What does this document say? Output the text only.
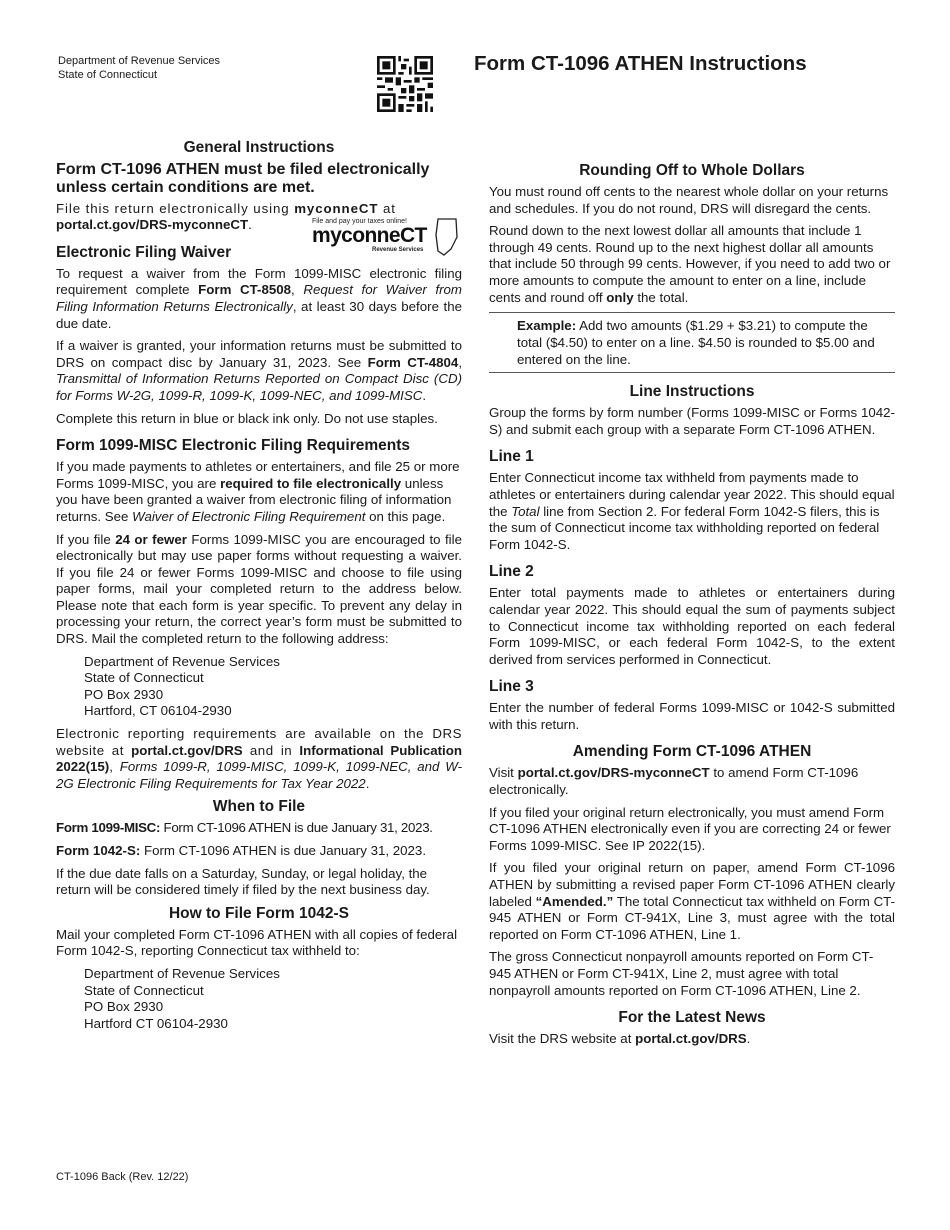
Department of Revenue Services
State of Connecticut	Form CT-1096 ATHEN Instructions
General Instructions
Form CT-1096 ATHEN must be filed electronically unless certain conditions are met.

File this return electronically using myconneCT at
portal.ct.gov/DRS-myconneCT.	File and pay your taxes online!
myconneCT
Revenue Services
Electronic Filing Waiver

To request a waiver from the Form 1099-MISC electronic filing requirement complete Form CT-8508, Request for Waiver from Filing Information Returns Electronically, at least 30 days before the due date.

If a waiver is granted, your information returns must be submitted to DRS on compact disc by January 31, 2023. See Form CT-4804, Transmittal of Information Returns Reported on Compact Disc (CD) for Forms W-2G, 1099-R, 1099-K, 1099-NEC, and 1099-MISC.

Complete this return in blue or black ink only. Do not use staples.

Form 1099-MISC Electronic Filing Requirements

If you made payments to athletes or entertainers, and file 25 or more Forms 1099-MISC, you are required to file electronically unless you have been granted a waiver from electronic filing of information returns. See Waiver of Electronic Filing Requirement on this page.

If you file 24 or fewer Forms 1099-MISC you are encouraged to file electronically but may use paper forms without requesting a waiver. If you file 24 or fewer Forms 1099-MISC and choose to file using paper forms, mail your completed return to the address below. Please note that each form is year specific. To prevent any delay in processing your return, the correct year’s form must be submitted to DRS. Mail the completed return to the following address:

Department of Revenue Services
State of Connecticut
PO Box 2930
Hartford, CT 06104-2930

Electronic reporting requirements are available on the DRS website at portal.ct.gov/DRS and in Informational Publication 2022(15), Forms 1099-R, 1099-MISC, 1099-K, 1099-NEC, and W-2G Electronic Filing Requirements for Tax Year 2022.

When to File

Form 1099-MISC: Form CT-1096 ATHEN is due January 31, 2023.

Form 1042-S: Form CT-1096 ATHEN is due January 31, 2023.

If the due date falls on a Saturday, Sunday, or legal holiday, the return will be considered timely if filed by the next business day.

How to File Form 1042-S

Mail your completed Form CT-1096 ATHEN with all copies of federal Form 1042-S, reporting Connecticut tax withheld to:

Department of Revenue Services
State of Connecticut
PO Box 2930
Hartford CT 06104-2930
Rounding Off to Whole Dollars

You must round off cents to the nearest whole dollar on your returns and schedules. If you do not round, DRS will disregard the cents.

Round down to the next lowest dollar all amounts that include 1 through 49 cents. Round up to the next highest dollar all amounts that include 50 through 99 cents. However, if you need to add two or more amounts to compute the amount to enter on a line, include cents and round off only the total.

Example: Add two amounts ($1.29 + $3.21) to compute the total ($4.50) to enter on a line. $4.50 is rounded to $5.00 and entered on the line.
Line Instructions

Group the forms by form number (Forms 1099-MISC or Forms 1042-S) and submit each group with a separate Form CT-1096 ATHEN.

Line 1

Enter Connecticut income tax withheld from payments made to athletes or entertainers during calendar year 2022. This should equal the Total line from Section 2. For federal Form 1042-S filers, this is the sum of Connecticut income tax withholding reported on federal Form 1042-S.

Line 2

Enter total payments made to athletes or entertainers during calendar year 2022. This should equal the sum of payments subject to Connecticut income tax withholding reported on each federal Form 1099-MISC, or each federal Form 1042-S, to the extent derived from services performed in Connecticut.

Line 3

Enter the number of federal Forms 1099-MISC or 1042-S submitted with this return.

Amending Form CT-1096 ATHEN

Visit portal.ct.gov/DRS-myconneCT to amend Form CT-1096 electronically.

If you filed your original return electronically, you must amend Form CT-1096 ATHEN electronically even if you are correcting 24 or fewer Forms 1099-MISC. See IP 2022(15).

If you filed your original return on paper, amend Form CT-1096 ATHEN by submitting a revised paper Form CT-1096 ATHEN clearly labeled “Amended.” The total Connecticut tax withheld on Form CT-945 ATHEN or Form CT-941X, Line 3, must agree with the total reported on Form CT-1096 ATHEN, Line 1.

The gross Connecticut nonpayroll amounts reported on Form CT-945 ATHEN or Form CT-941X, Line 2, must agree with total nonpayroll amounts reported on Form CT-1096 ATHEN, Line 2.

For the Latest News

Visit the DRS website at portal.ct.gov/DRS.

CT-1096 Back (Rev. 12/22)
